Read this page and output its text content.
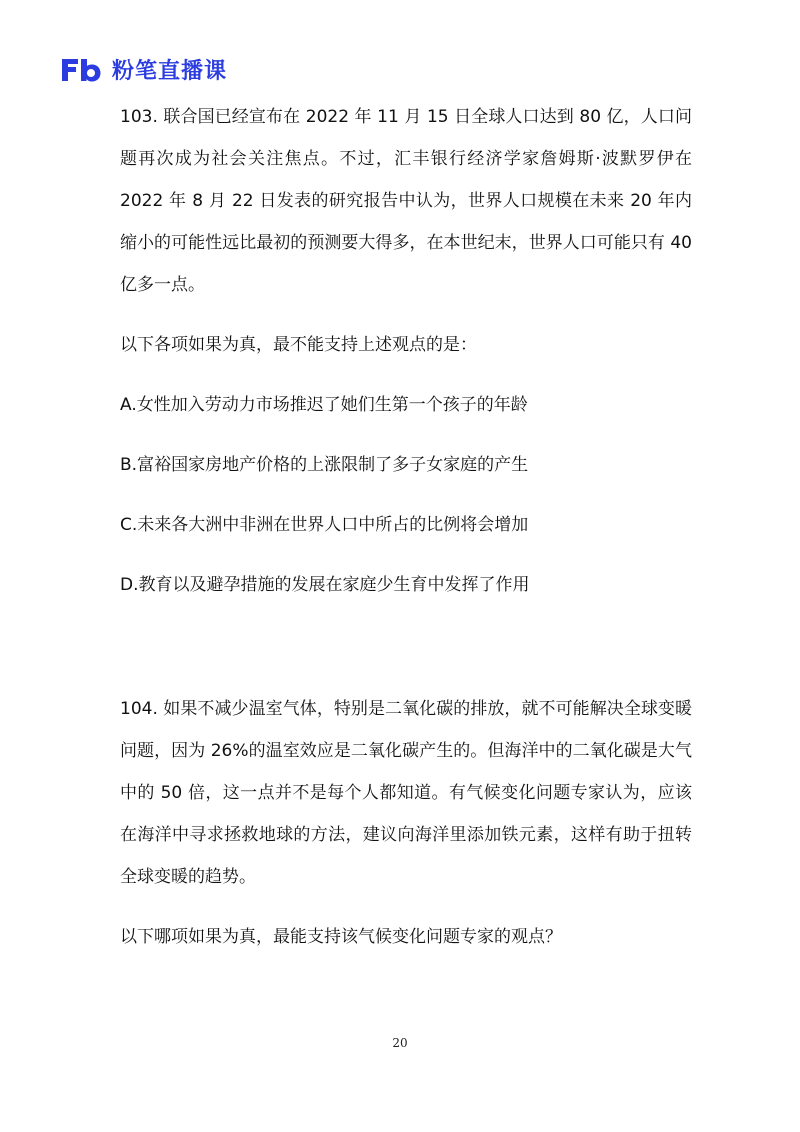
粉笔直播课

103. 联合国已经宣布在 2022 年 11 月 15 日全球人口达到 80 亿，人口问题再次成为社会关注焦点。不过，汇丰银行经济学家詹姆斯·波默罗伊在 2022 年 8 月 22 日发表的研究报告中认为，世界人口规模在未来 20 年内缩小的可能性远比最初的预测要大得多，在本世纪末，世界人口可能只有 40 亿多一点。

以下各项如果为真，最不能支持上述观点的是：

A.女性加入劳动力市场推迟了她们生第一个孩子的年龄

B.富裕国家房地产价格的上涨限制了多子女家庭的产生

C.未来各大洲中非洲在世界人口中所占的比例将会增加

D.教育以及避孕措施的发展在家庭少生育中发挥了作用

104. 如果不减少温室气体，特别是二氧化碳的排放，就不可能解决全球变暖问题，因为 26%的温室效应是二氧化碳产生的。但海洋中的二氧化碳是大气中的 50 倍，这一点并不是每个人都知道。有气候变化问题专家认为，应该在海洋中寻求拯救地球的方法，建议向海洋里添加铁元素，这样有助于扭转全球变暖的趋势。

以下哪项如果为真，最能支持该气候变化问题专家的观点？

20
